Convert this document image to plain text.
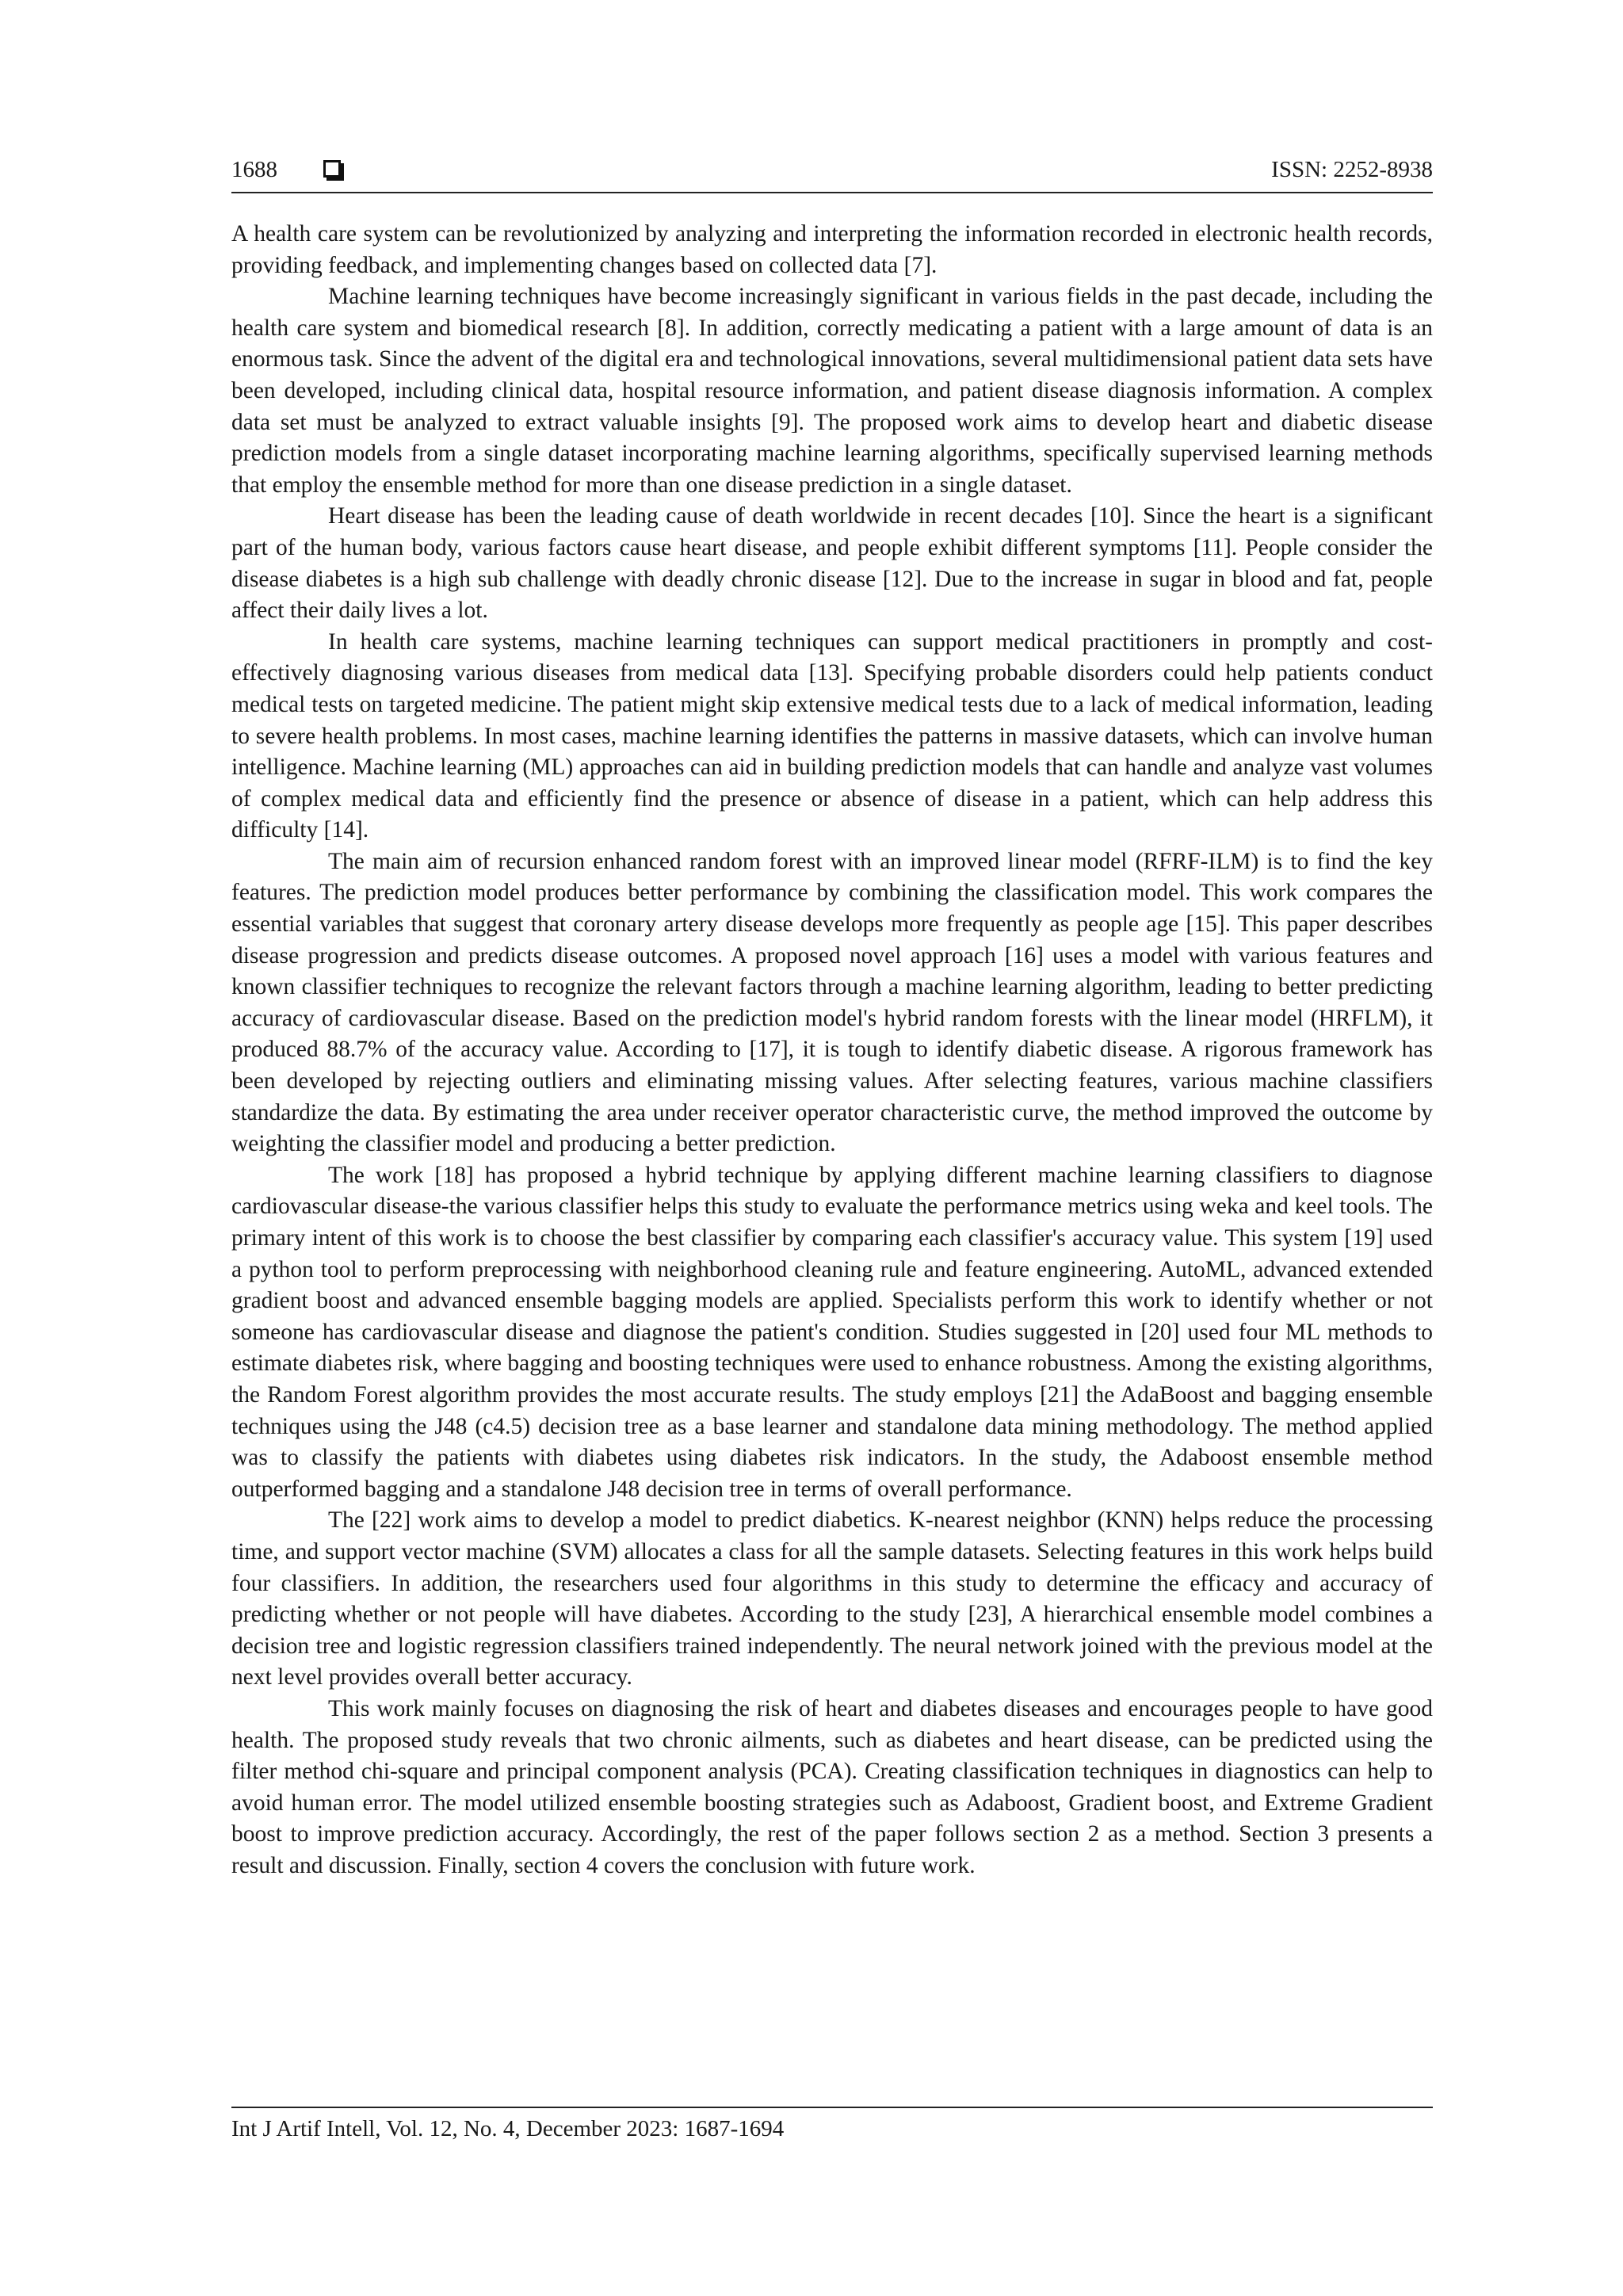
1688	ISSN: 2252-8938

A health care system can be revolutionized by analyzing and interpreting the information recorded in electronic health records, providing feedback, and implementing changes based on collected data [7].

Machine learning techniques have become increasingly significant in various fields in the past decade, including the health care system and biomedical research [8]. In addition, correctly medicating a patient with a large amount of data is an enormous task. Since the advent of the digital era and technological innovations, several multidimensional patient data sets have been developed, including clinical data, hospital resource information, and patient disease diagnosis information. A complex data set must be analyzed to extract valuable insights [9]. The proposed work aims to develop heart and diabetic disease prediction models from a single dataset incorporating machine learning algorithms, specifically supervised learning methods that employ the ensemble method for more than one disease prediction in a single dataset.

Heart disease has been the leading cause of death worldwide in recent decades [10]. Since the heart is a significant part of the human body, various factors cause heart disease, and people exhibit different symptoms [11]. People consider the disease diabetes is a high sub challenge with deadly chronic disease [12]. Due to the increase in sugar in blood and fat, people affect their daily lives a lot.

In health care systems, machine learning techniques can support medical practitioners in promptly and cost-effectively diagnosing various diseases from medical data [13]. Specifying probable disorders could help patients conduct medical tests on targeted medicine. The patient might skip extensive medical tests due to a lack of medical information, leading to severe health problems. In most cases, machine learning identifies the patterns in massive datasets, which can involve human intelligence. Machine learning (ML) approaches can aid in building prediction models that can handle and analyze vast volumes of complex medical data and efficiently find the presence or absence of disease in a patient, which can help address this difficulty [14].

The main aim of recursion enhanced random forest with an improved linear model (RFRF-ILM) is to find the key features. The prediction model produces better performance by combining the classification model. This work compares the essential variables that suggest that coronary artery disease develops more frequently as people age [15]. This paper describes disease progression and predicts disease outcomes. A proposed novel approach [16] uses a model with various features and known classifier techniques to recognize the relevant factors through a machine learning algorithm, leading to better predicting accuracy of cardiovascular disease. Based on the prediction model's hybrid random forests with the linear model (HRFLM), it produced 88.7% of the accuracy value. According to [17], it is tough to identify diabetic disease. A rigorous framework has been developed by rejecting outliers and eliminating missing values. After selecting features, various machine classifiers standardize the data. By estimating the area under receiver operator characteristic curve, the method improved the outcome by weighting the classifier model and producing a better prediction.

The work [18] has proposed a hybrid technique by applying different machine learning classifiers to diagnose cardiovascular disease-the various classifier helps this study to evaluate the performance metrics using weka and keel tools. The primary intent of this work is to choose the best classifier by comparing each classifier's accuracy value. This system [19] used a python tool to perform preprocessing with neighborhood cleaning rule and feature engineering. AutoML, advanced extended gradient boost and advanced ensemble bagging models are applied. Specialists perform this work to identify whether or not someone has cardiovascular disease and diagnose the patient's condition. Studies suggested in [20] used four ML methods to estimate diabetes risk, where bagging and boosting techniques were used to enhance robustness. Among the existing algorithms, the Random Forest algorithm provides the most accurate results. The study employs [21] the AdaBoost and bagging ensemble techniques using the J48 (c4.5) decision tree as a base learner and standalone data mining methodology. The method applied was to classify the patients with diabetes using diabetes risk indicators. In the study, the Adaboost ensemble method outperformed bagging and a standalone J48 decision tree in terms of overall performance.

The [22] work aims to develop a model to predict diabetics. K-nearest neighbor (KNN) helps reduce the processing time, and support vector machine (SVM) allocates a class for all the sample datasets. Selecting features in this work helps build four classifiers. In addition, the researchers used four algorithms in this study to determine the efficacy and accuracy of predicting whether or not people will have diabetes. According to the study [23], A hierarchical ensemble model combines a decision tree and logistic regression classifiers trained independently. The neural network joined with the previous model at the next level provides overall better accuracy.

This work mainly focuses on diagnosing the risk of heart and diabetes diseases and encourages people to have good health. The proposed study reveals that two chronic ailments, such as diabetes and heart disease, can be predicted using the filter method chi-square and principal component analysis (PCA). Creating classification techniques in diagnostics can help to avoid human error. The model utilized ensemble boosting strategies such as Adaboost, Gradient boost, and Extreme Gradient boost to improve prediction accuracy. Accordingly, the rest of the paper follows section 2 as a method. Section 3 presents a result and discussion. Finally, section 4 covers the conclusion with future work.

Int J Artif Intell, Vol. 12, No. 4, December 2023: 1687-1694
